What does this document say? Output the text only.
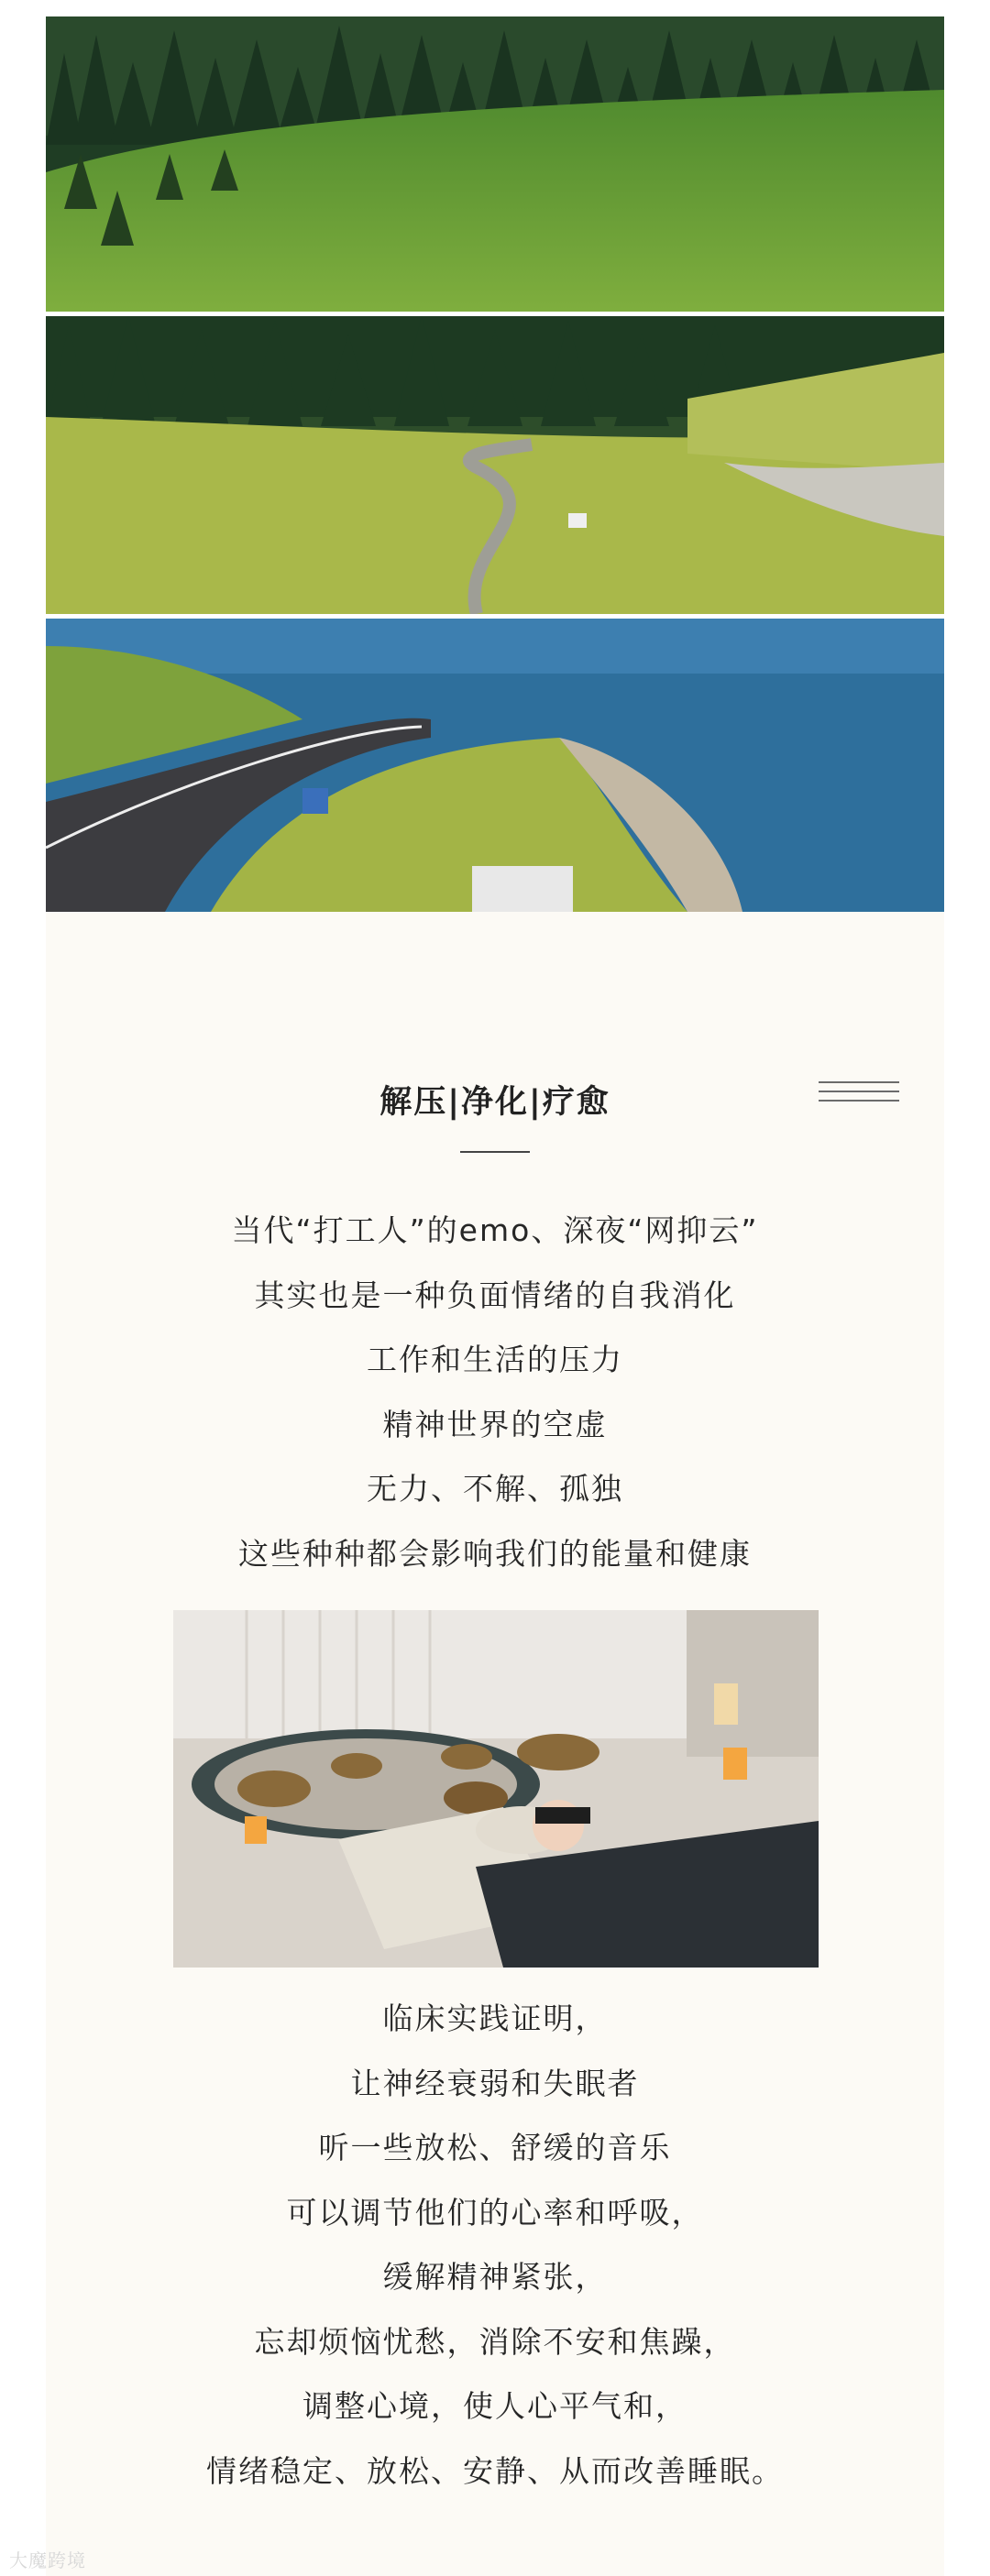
解压|净化|疗愈

当代“打工人”的emo、深夜“网抑云”

其实也是一种负面情绪的自我消化

工作和生活的压力

精神世界的空虚

无力、不解、孤独

这些种种都会影响我们的能量和健康

临床实践证明，

让神经衰弱和失眠者

听一些放松、舒缓的音乐

可以调节他们的心率和呼吸，

缓解精神紧张，

忘却烦恼忧愁，消除不安和焦躁，

调整心境，使人心平气和，

情绪稳定、放松、安静、从而改善睡眠。

大魔跨境
